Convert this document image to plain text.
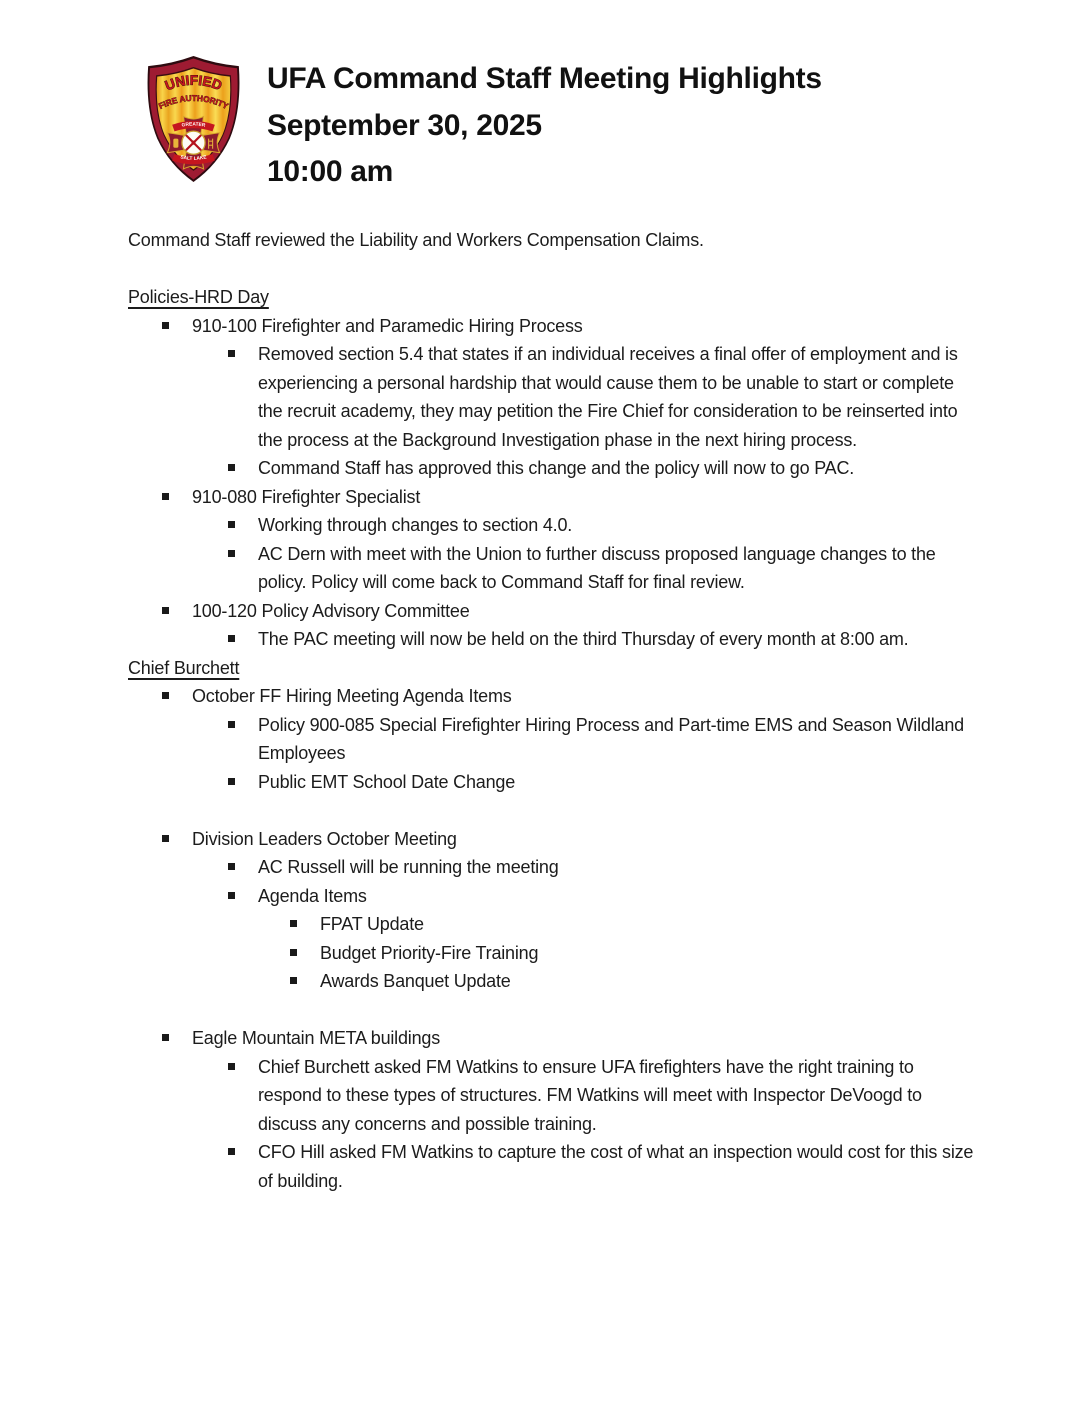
UNIFIED
FIRE AUTHORITY
GREATER
SALT LAKE
UFA Command Staff Meeting Highlights
September 30, 2025
10:00 am
Command Staff reviewed the Liability and Workers Compensation Claims.
Policies-HRD Day
910-100 Firefighter and Paramedic Hiring Process
Removed section 5.4 that states if an individual receives a final offer of employment and is experiencing a personal hardship that would cause them to be unable to start or complete the recruit academy, they may petition the Fire Chief for consideration to be reinserted into the process at the Background Investigation phase in the next hiring process.
Command Staff has approved this change and the policy will now to go PAC.
910-080 Firefighter Specialist
Working through changes to section 4.0.
AC Dern with meet with the Union to further discuss proposed language changes to the policy. Policy will come back to Command Staff for final review.
100-120 Policy Advisory Committee
The PAC meeting will now be held on the third Thursday of every month at 8:00 am.
Chief Burchett
October FF Hiring Meeting Agenda Items
Policy 900-085 Special Firefighter Hiring Process and Part-time EMS and Season Wildland Employees
Public EMT School Date Change
Division Leaders October Meeting
AC Russell will be running the meeting
Agenda Items
FPAT Update
Budget Priority-Fire Training
Awards Banquet Update
Eagle Mountain META buildings
Chief Burchett asked FM Watkins to ensure UFA firefighters have the right training to respond to these types of structures. FM Watkins will meet with Inspector DeVoogd to discuss any concerns and possible training.
CFO Hill asked FM Watkins to capture the cost of what an inspection would cost for this size of building.
